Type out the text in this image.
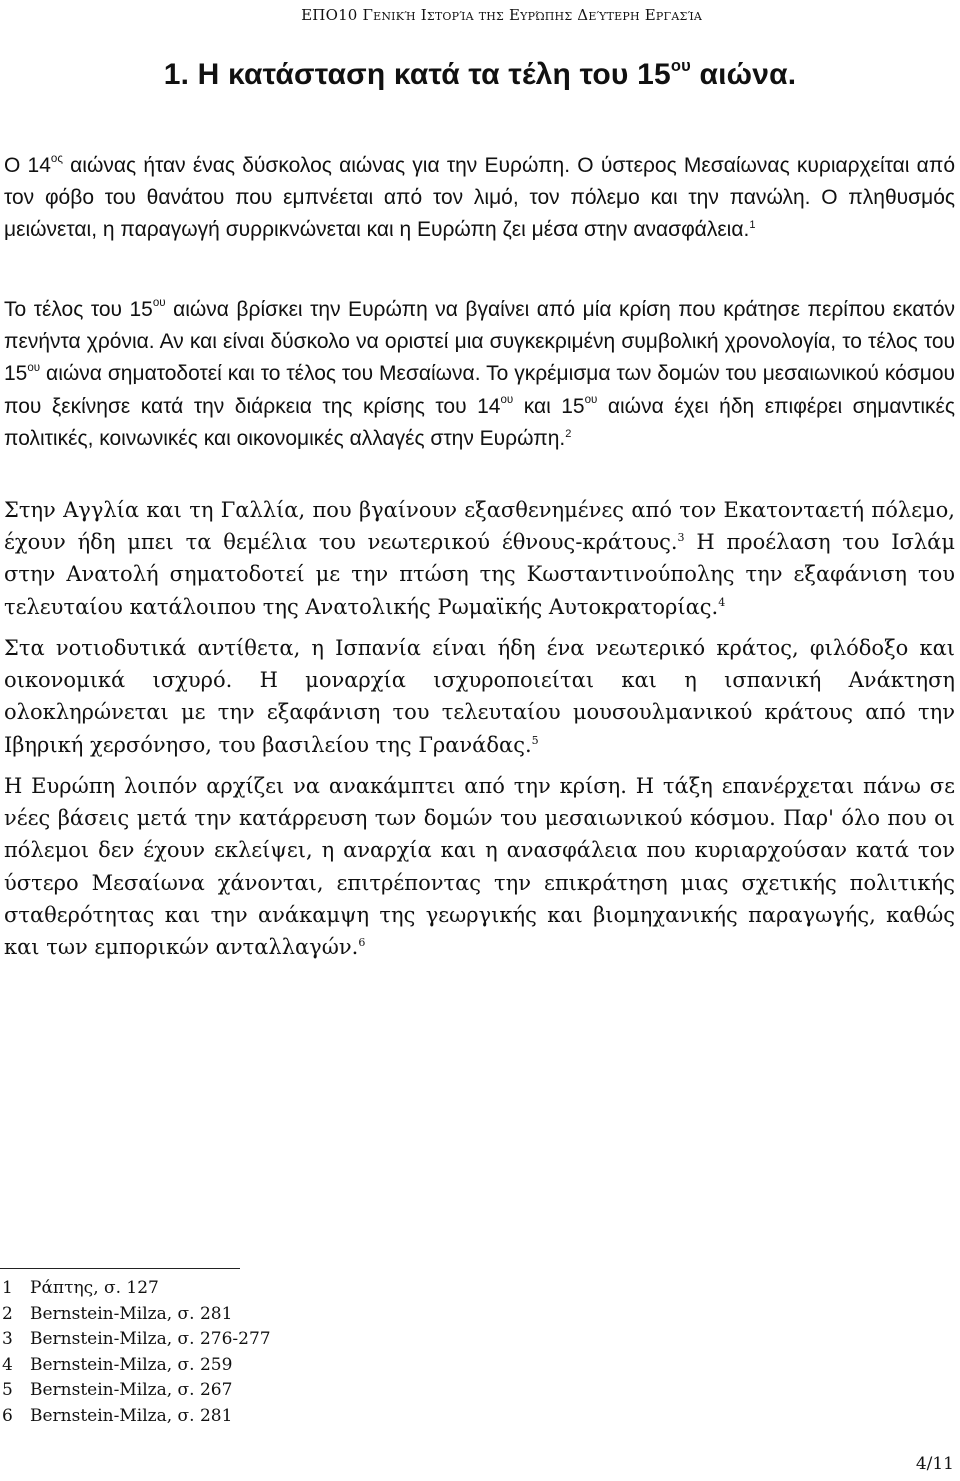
ΕΠΟ10 Γενική Ιστορία της Ευρώπης Δεύτερη Εργασία
1. Η κατάσταση κατά τα τέλη του $15^{o\upsilon}$ αιώνα.

Ο $14^{o\varsigma}$ αιώνας ήταν ένας δύσκολος αιώνας για την Ευρώπη. Ο ύστερος Μεσαίωνας κυριαρχείται από τον φόβο του θανάτου που εμπνέεται από τον λιμό, τον πόλεμο και την πανώλη. Ο πληθυσμός μειώνεται, η παραγωγή συρρικνώνεται και η Ευρώπη ζει μέσα στην ανασφάλεια.$^1$

Το τέλος του $15^{o\upsilon}$ αιώνα βρίσκει την Ευρώπη να βγαίνει από μία κρίση που κράτησε περίπου εκατόν πενήντα χρόνια. Αν και είναι δύσκολο να οριστεί μια συγκεκριμένη συμβολική χρονολογία, το τέλος του $15^{o\upsilon}$ αιώνα σηματοδοτεί και το τέλος του Μεσαίωνα. Το γκρέμισμα των δομών του μεσαιωνικού κόσμου που ξεκίνησε κατά την διάρκεια της κρίσης του $14^{o\upsilon}$ και $15^{o\upsilon}$ αιώνα έχει ήδη επιφέρει σημαντικές πολιτικές, κοινωνικές και οικονομικές αλλαγές στην Ευρώπη.$^2$

Στην Αγγλία και τη Γαλλία, που βγαίνουν εξασθενημένες από τον Εκατονταετή πόλεμο, έχουν ήδη μπει τα θεμέλια του νεωτερικού έθνους-κράτους.$^3$ Η προέλαση του Ισλάμ στην Ανατολή σηματοδοτεί με την πτώση της Κωσταντινούπολης την εξαφάνιση του τελευταίου κατάλοιπου της Ανατολικής Ρωμαϊκής Αυτοκρατορίας.$^4$

Στα νοτιοδυτικά αντίθετα, η Ισπανία είναι ήδη ένα νεωτερικό κράτος, φιλόδοξο και οικονομικά ισχυρό. Η μοναρχία ισχυροποιείται και η ισπανική Ανάκτηση ολοκληρώνεται με την εξαφάνιση του τελευταίου μουσουλμανικού κράτους από την Ιβηρική χερσόνησο, του βασιλείου της Γρανάδας.$^5$

Η Ευρώπη λοιπόν αρχίζει να ανακάμπτει από την κρίση. Η τάξη επανέρχεται πάνω σε νέες βάσεις μετά την κατάρρευση των δομών του μεσαιωνικού κόσμου. Παρ' όλο που οι πόλεμοι δεν έχουν εκλείψει, η αναρχία και η ανασφάλεια που κυριαρχούσαν κατά τον ύστερο Μεσαίωνα χάνονται, επιτρέποντας την επικράτηση μιας σχετικής πολιτικής σταθερότητας και την ανάκαμψη της γεωργικής και βιομηχανικής παραγωγής, καθώς και των εμπορικών ανταλλαγών.$^6$

1 Ράπτης, σ. 127
2 Bernstein-Milza, σ. 281
3 Bernstein-Milza, σ. 276-277
4 Bernstein-Milza, σ. 259
5 Bernstein-Milza, σ. 267
6 Bernstein-Milza, σ. 281
4/11
